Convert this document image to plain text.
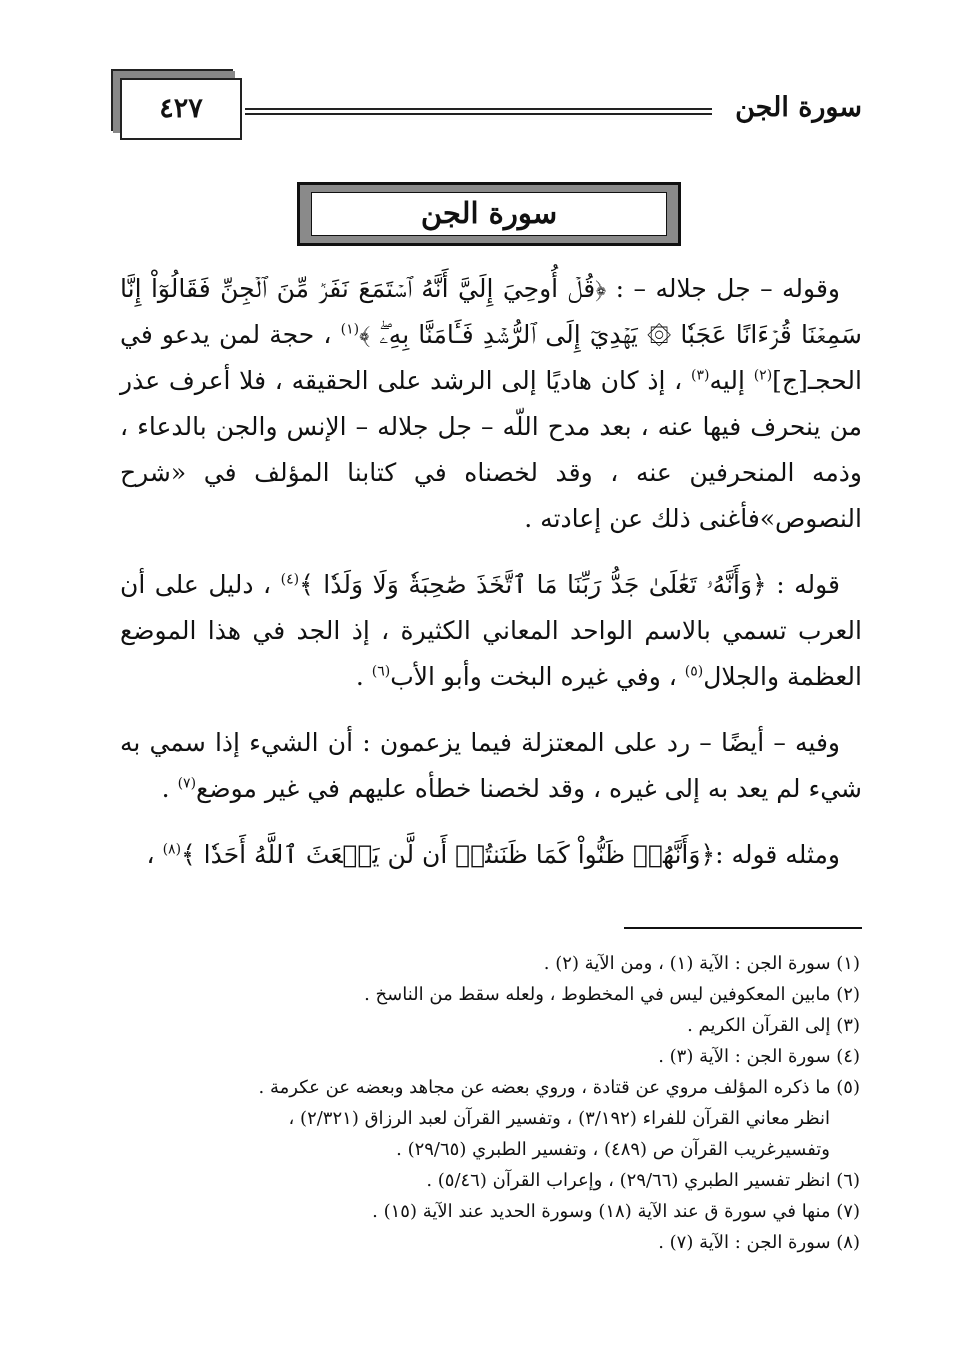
سورة الجن
٤٢٧
سورة الجن

وقوله – جل جلاله – : ﴿قُلۡ أُوحِيَ إِلَيَّ أَنَّهُ ٱسۡتَمَعَ نَفَرٞ مِّنَ ٱلۡجِنِّ فَقَالُوٓاْ إِنَّا سَمِعۡنَا قُرۡءَانًا عَجَبٗا ۞ يَهۡدِيٓ إِلَى ٱلرُّشۡدِ فَـَٔامَنَّا بِهِۦۖ ﴾$^{(١)}$ ، حجة لمن يدعو في الحجـ[ج]$^{(٢)}$ إليه$^{(٣)}$ ، إذ كان هاديًا إلى الرشد على الحقيقه ، فلا أعرف عذر من ينحرف فيها عنه ، بعد مدح اللّه – جل جلاله – الإنس والجن بالدعاء ، وذمه المنحرفين عنه ، وقد لخصناه في كتابنا المؤلف في «شرح النصوص»فأغنى ذلك عن إعادته .

قوله : ﴿وَأَنَّهُۥ تَعَٰلَىٰ جَدُّ رَبِّنَا مَا ٱتَّخَذَ صَٰحِبَةٗ وَلَا وَلَدٗا ﴾$^{(٤)}$ ، دليل على أن العرب تسمي بالاسم الواحد المعاني الكثيرة ، إذ الجد في هذا الموضع العظمة والجلال$^{(٥)}$ ، وفي غيره البخت وأبو الأب$^{(٦)}$ .

وفيه – أيضًا – رد على المعتزلة فيما يزعمون : أن الشيء إذا سمي به شيء لم يعد به إلى غيره ، وقد لخصنا خطأه عليهم في غير موضع$^{(٧)}$ .

ومثله قوله :﴿وَأَنَّهُمۡ ظَنُّواْ كَمَا ظَنَنتُمۡ أَن لَّن يَبۡعَثَ ٱللَّهُ أَحَدٗا ﴾$^{(٨)}$ ،

(١) سورة الجن : الآية (١) ، ومن الآية (٢) .

(٢) مابين المعكوفين ليس في المخطوط ، ولعله سقط من الناسخ .

(٣) إلى القرآن الكريم .

(٤) سورة الجن : الآية (٣) .

(٥) ما ذكره المؤلف مروي عن قتادة ، وروي بعضه عن مجاهد وبعضه عن عكرمة .

انظر معاني القرآن للفراء (٣/١٩٢) ، وتفسير القرآن لعبد الرزاق (٢/٣٢١) ،

وتفسيرغريب القرآن ص (٤٨٩) ، وتفسير الطبري (٢٩/٦٥) .

(٦) انظر تفسير الطبري (٢٩/٦٦) ، وإعراب القرآن (٥/٤٦) .

(٧) منها في سورة ق عند الآية (١٨) وسورة الحديد عند الآية (١٥) .

(٨) سورة الجن : الآية (٧) .
